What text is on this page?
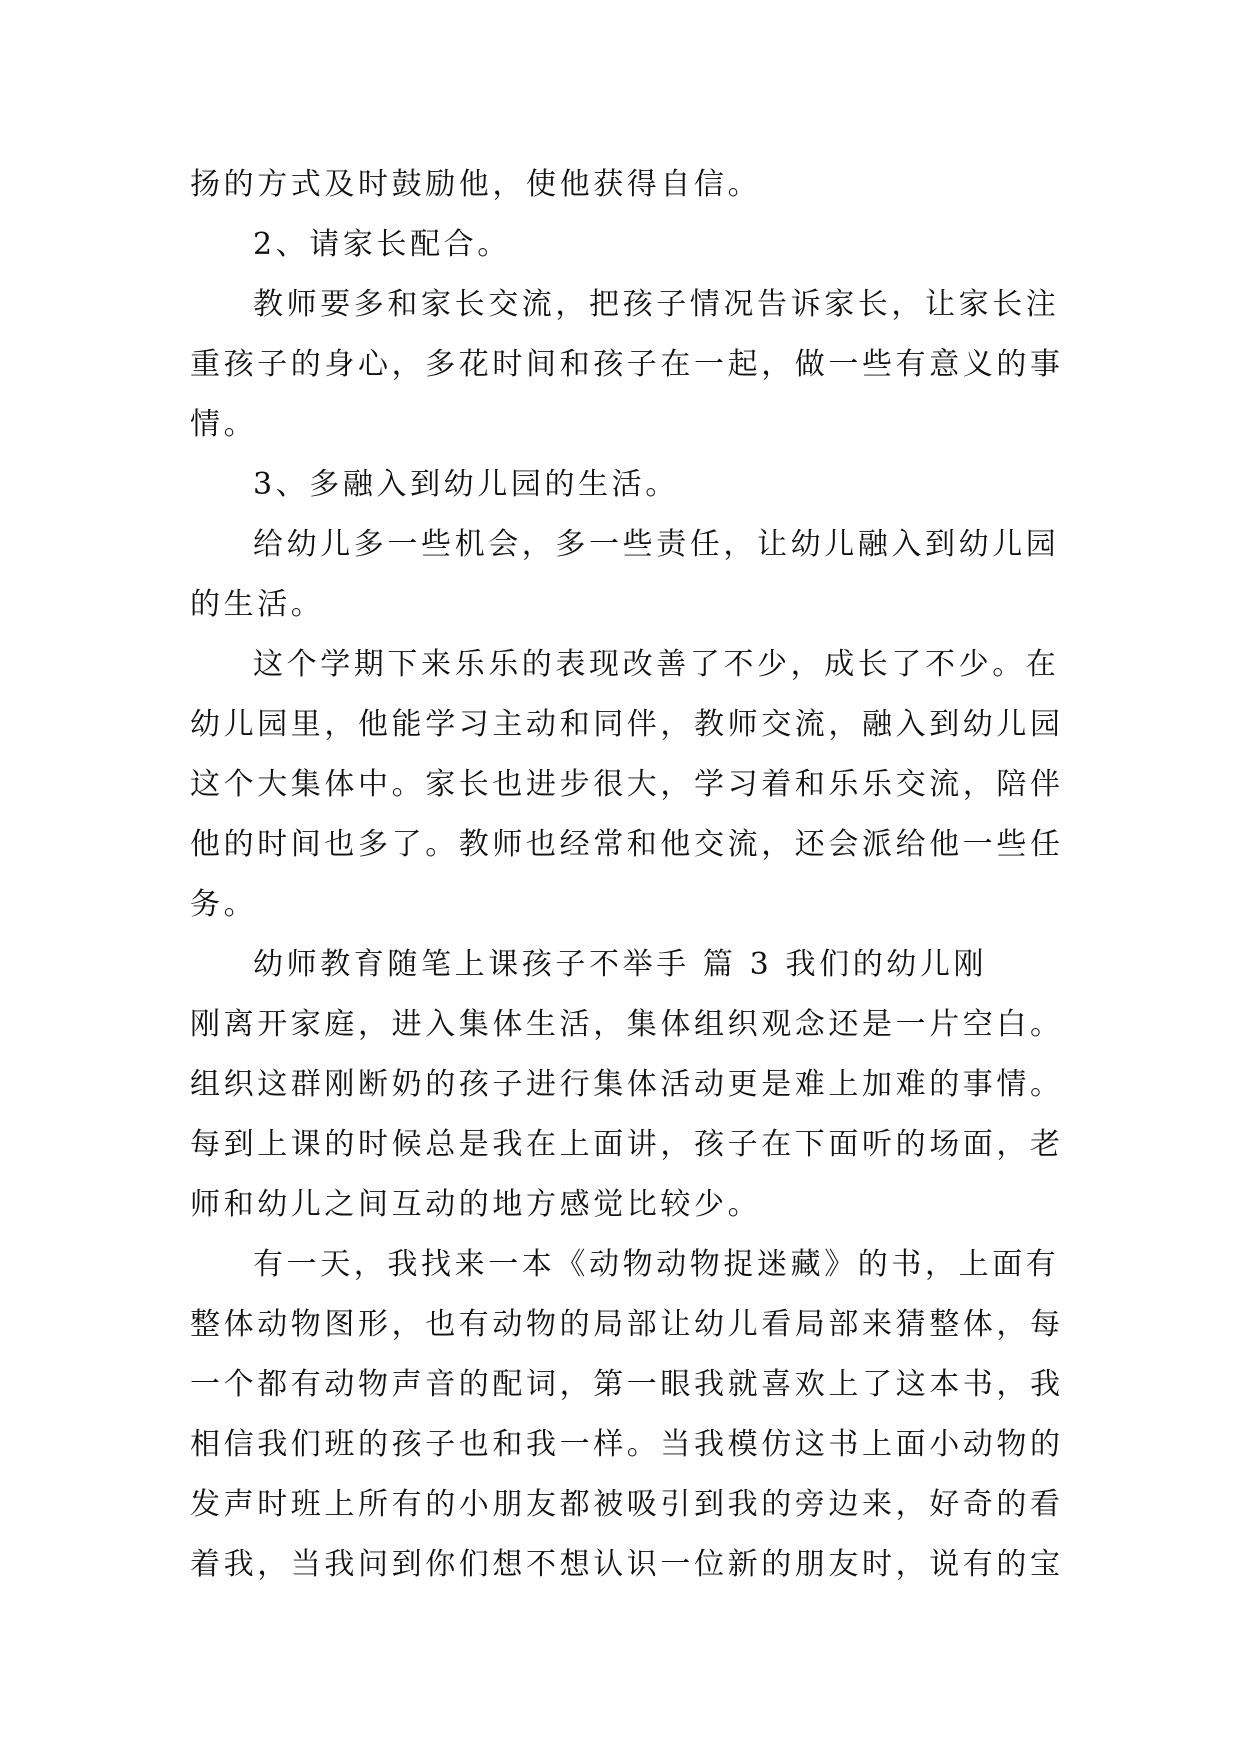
扬的方式及时鼓励他，使他获得自信。
2、请家长配合。
教师要多和家长交流，把孩子情况告诉家长，让家长注
重孩子的身心，多花时间和孩子在一起，做一些有意义的事
情。
3、多融入到幼儿园的生活。
给幼儿多一些机会，多一些责任，让幼儿融入到幼儿园
的生活。
这个学期下来乐乐的表现改善了不少，成长了不少。在
幼儿园里，他能学习主动和同伴，教师交流，融入到幼儿园
这个大集体中。家长也进步很大，学习着和乐乐交流，陪伴
他的时间也多了。教师也经常和他交流，还会派给他一些任
务。
幼师教育随笔上课孩子不举手 篇 3 我们的幼儿刚
刚离开家庭，进入集体生活，集体组织观念还是一片空白。
组织这群刚断奶的孩子进行集体活动更是难上加难的事情。
每到上课的时候总是我在上面讲，孩子在下面听的场面，老
师和幼儿之间互动的地方感觉比较少。
有一天，我找来一本《动物动物捉迷藏》的书，上面有
整体动物图形，也有动物的局部让幼儿看局部来猜整体，每
一个都有动物声音的配词，第一眼我就喜欢上了这本书，我
相信我们班的孩子也和我一样。当我模仿这书上面小动物的
发声时班上所有的小朋友都被吸引到我的旁边来，好奇的看
着我，当我问到你们想不想认识一位新的朋友时，说有的宝
